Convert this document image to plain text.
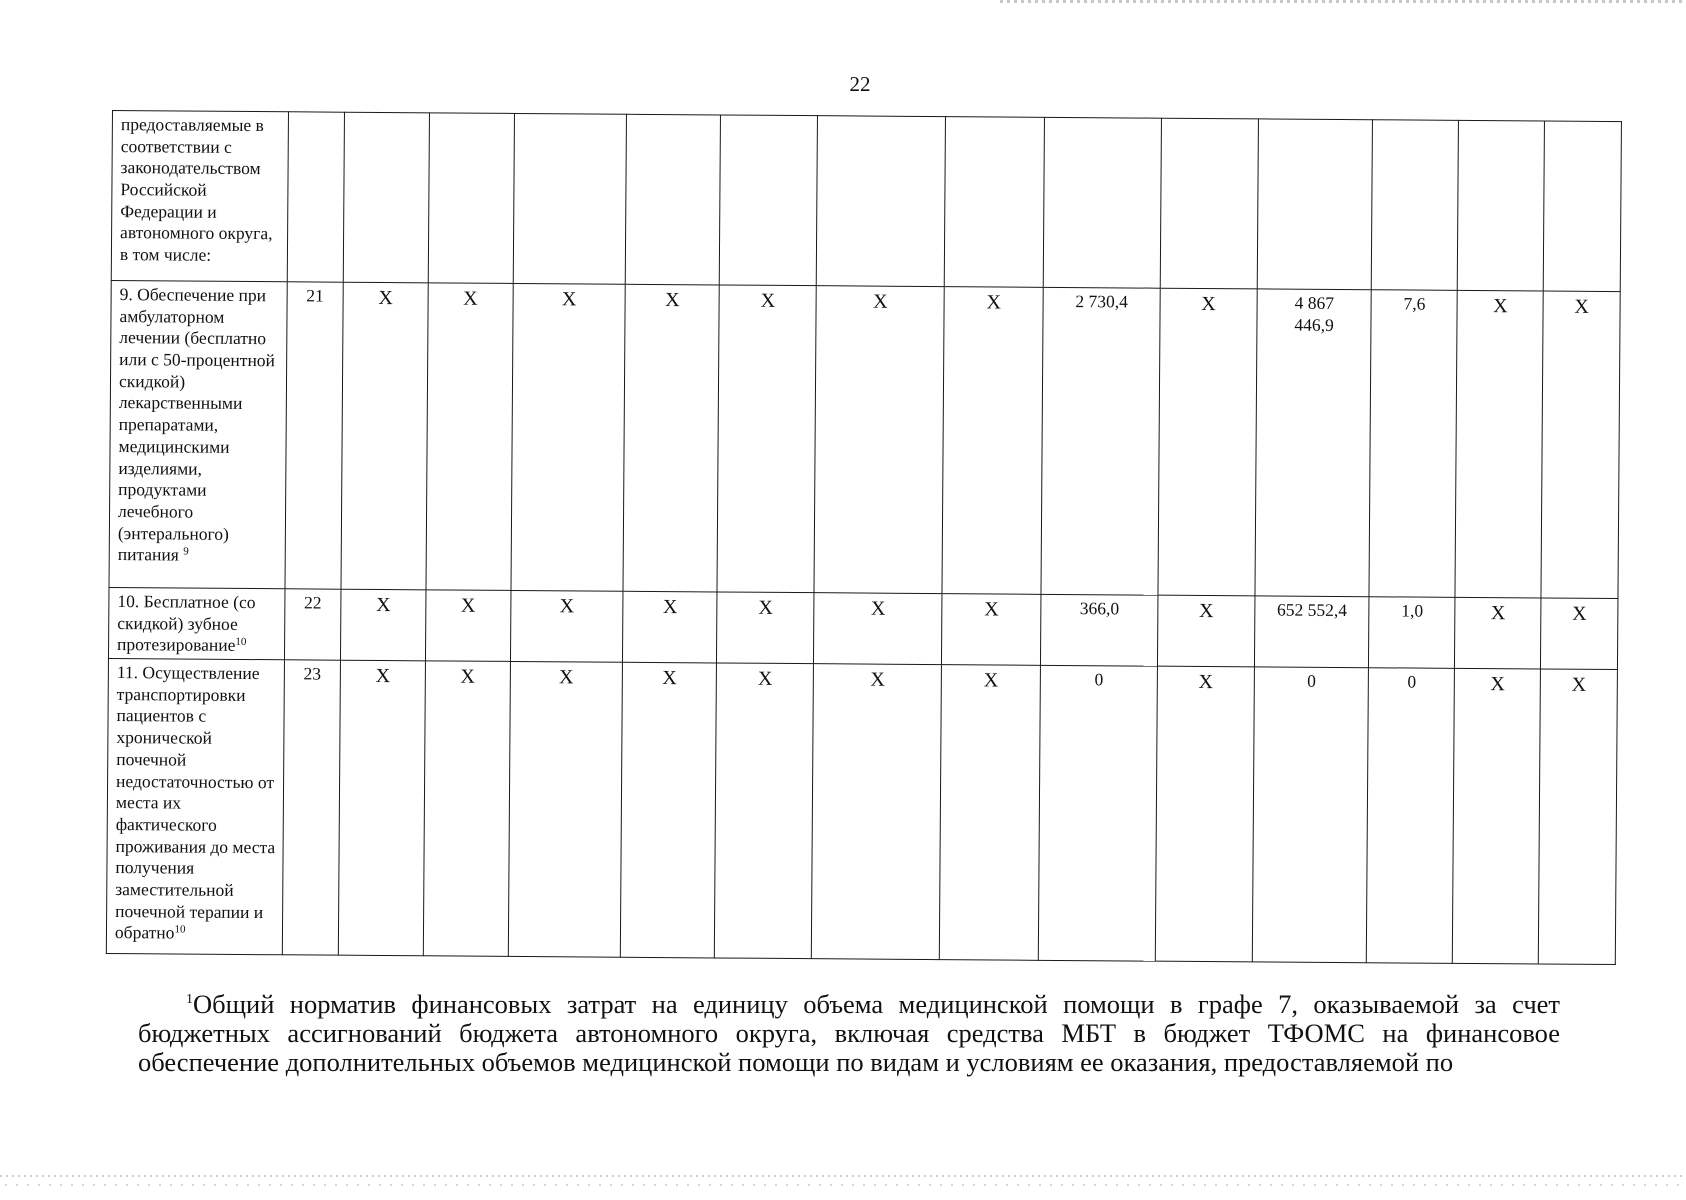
22
предоставляемые в соответствии с законодательством Российской Федерации и автономного округа, в том числе:														
9. Обеспечение при амбулаторном лечении (бесплатно или с 50-процентной скидкой) лекарственными препаратами, медицинскими изделиями, продуктами лечебного (энтерального) питания $^9$	21	Х	Х	Х	Х	Х	Х	Х	2 730,4	Х	4 867 446,9	7,6	Х	Х
10. Бесплатное (со скидкой) зубное протезирование$^{10}$	22	Х	Х	Х	Х	Х	Х	Х	366,0	Х	652 552,4	1,0	Х	Х
11. Осуществление транспортировки пациентов с хронической почечной недостаточностью от места их фактического проживания до места получения заместительной почечной терапии и обратно$^{10}$	23	Х	Х	Х	Х	Х	Х	Х	0	Х	0	0	Х	Х

$^1$Общий норматив финансовых затрат на единицу объема медицинской помощи в графе 7, оказываемой за счет бюджетных ассигнований бюджета автономного округа, включая средства МБТ в бюджет ТФОМС на финансовое обеспечение дополнительных объемов медицинской помощи по видам и условиям ее оказания, предоставляемой по
